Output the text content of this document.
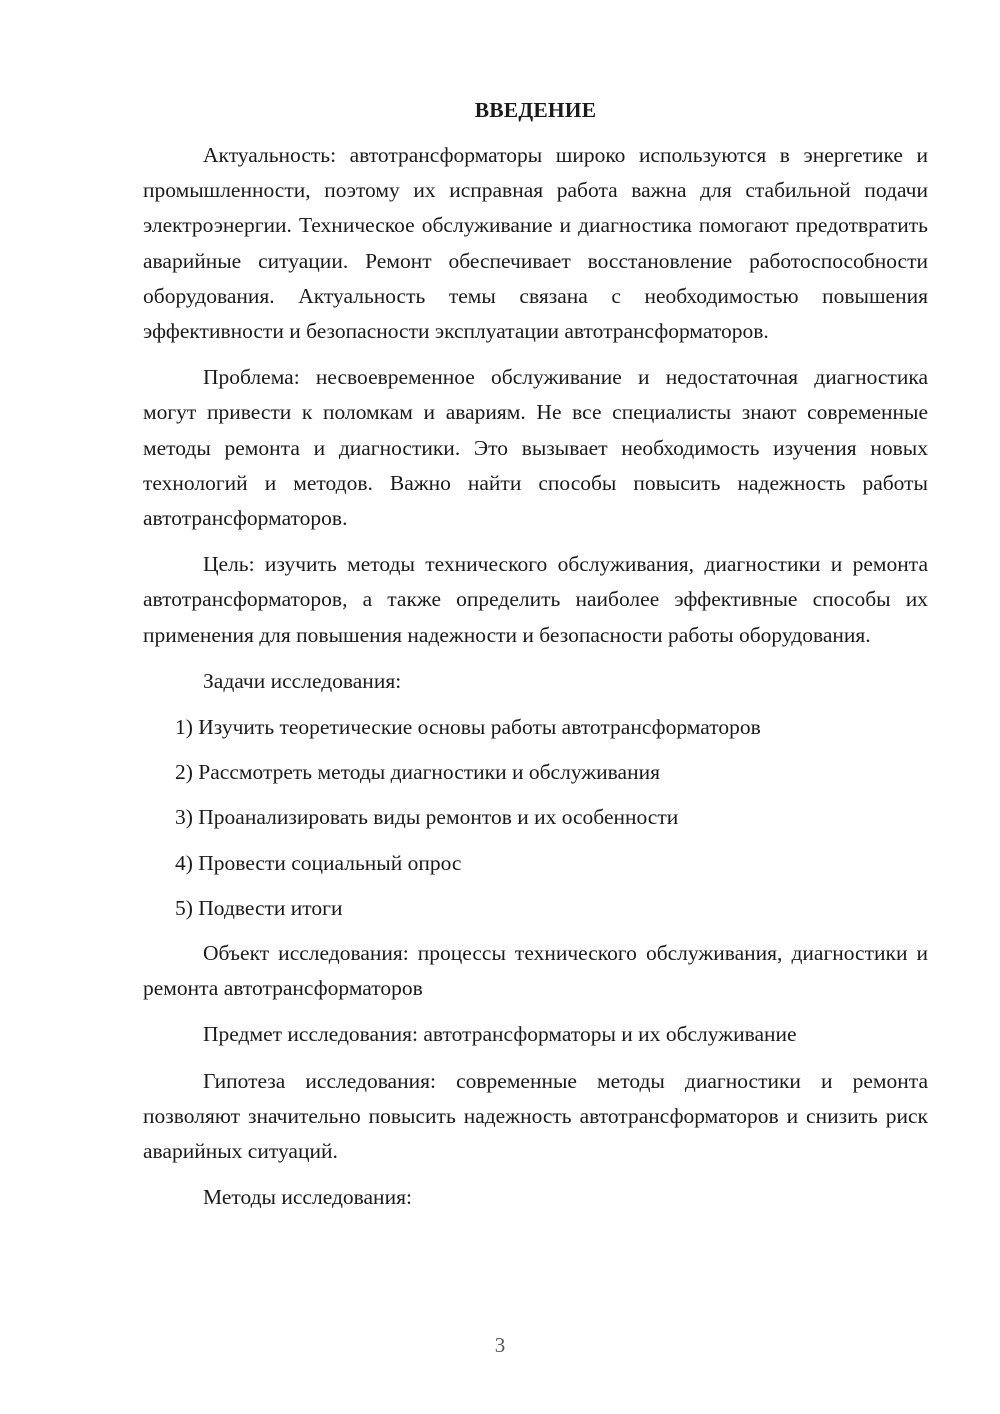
ВВЕДЕНИЕ

Актуальность: автотрансформаторы широко используются в энергетике и промышленности, поэтому их исправная работа важна для стабильной подачи электроэнергии. Техническое обслуживание и диагностика помогают предотвратить аварийные ситуации. Ремонт обеспечивает восстановление работоспособности оборудования. Актуальность темы связана с необходимостью повышения эффективности и безопасности эксплуатации автотрансформаторов.

Проблема: несвоевременное обслуживание и недостаточная диагностика могут привести к поломкам и авариям. Не все специалисты знают современные методы ремонта и диагностики. Это вызывает необходимость изучения новых технологий и методов. Важно найти способы повысить надежность работы автотрансформаторов.

Цель: изучить методы технического обслуживания, диагностики и ремонта автотрансформаторов, а также определить наиболее эффективные способы их применения для повышения надежности и безопасности работы оборудования.

Задачи исследования:

1) Изучить теоретические основы работы автотрансформаторов
2) Рассмотреть методы диагностики и обслуживания
3) Проанализировать виды ремонтов и их особенности
4) Провести социальный опрос
5) Подвести итоги

Объект исследования: процессы технического обслуживания, диагностики и ремонта автотрансформаторов

Предмет исследования: автотрансформаторы и их обслуживание

Гипотеза исследования: современные методы диагностики и ремонта позволяют значительно повысить надежность автотрансформаторов и снизить риск аварийных ситуаций.

Методы исследования:

3
